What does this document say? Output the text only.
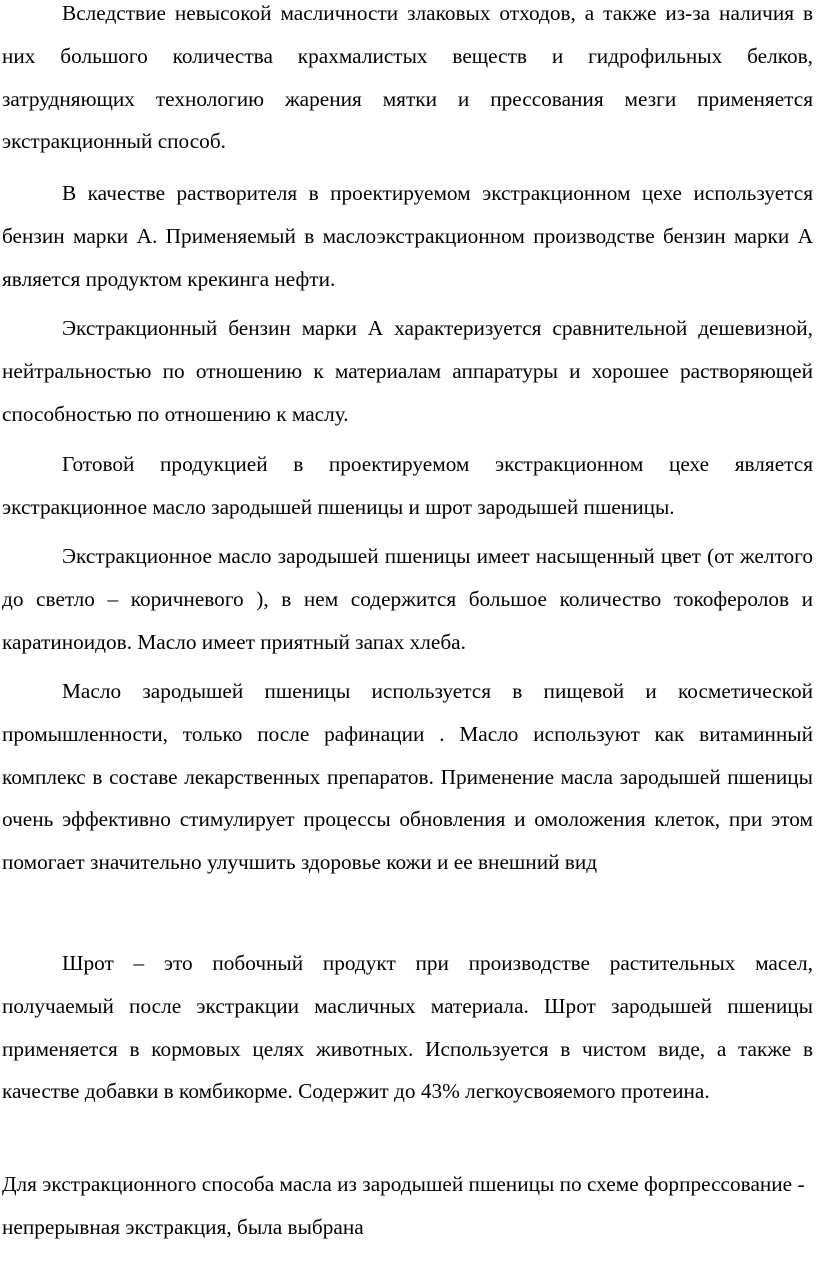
Вследствие невысокой масличности злаковых отходов, а также из-за наличия в них большого количества крахмалистых веществ и гидрофильных белков, затрудняющих технологию жарения мятки и прессования мезги применяется экстракционный способ.

В качестве растворителя в проектируемом экстракционном цехе используется бензин марки А. Применяемый в маслоэкстракционном производстве бензин марки А является продуктом крекинга нефти.

Экстракционный бензин марки А характеризуется сравнительной дешевизной, нейтральностью по отношению к материалам аппаратуры и хорошее растворяющей способностью по отношению к маслу.

Готовой продукцией в проектируемом экстракционном цехе является экстракционное масло зародышей пшеницы и шрот зародышей пшеницы.

Экстракционное масло зародышей пшеницы имеет насыщенный цвет (от желтого до светло – коричневого ), в нем содержится большое количество токоферолов и каратиноидов. Масло имеет приятный запах хлеба.

Масло зародышей пшеницы используется в пищевой и косметической промышленности, только после рафинации . Масло используют как витаминный комплекс в составе лекарственных препаратов. Применение масла зародышей пшеницы очень эффективно стимулирует процессы обновления и омоложения клеток, при этом помогает значительно улучшить здоровье кожи и ее внешний вид

Шрот – это побочный продукт при производстве растительных масел, получаемый после экстракции масличных материала. Шрот зародышей пшеницы применяется в кормовых целях животных. Используется в чистом виде, а также в качестве добавки в комбикорме. Содержит до 43% легкоусвояемого протеина.

Для экстракционного способа масла из зародышей пшеницы по схеме форпрессование - непрерывная экстракция, была выбрана
